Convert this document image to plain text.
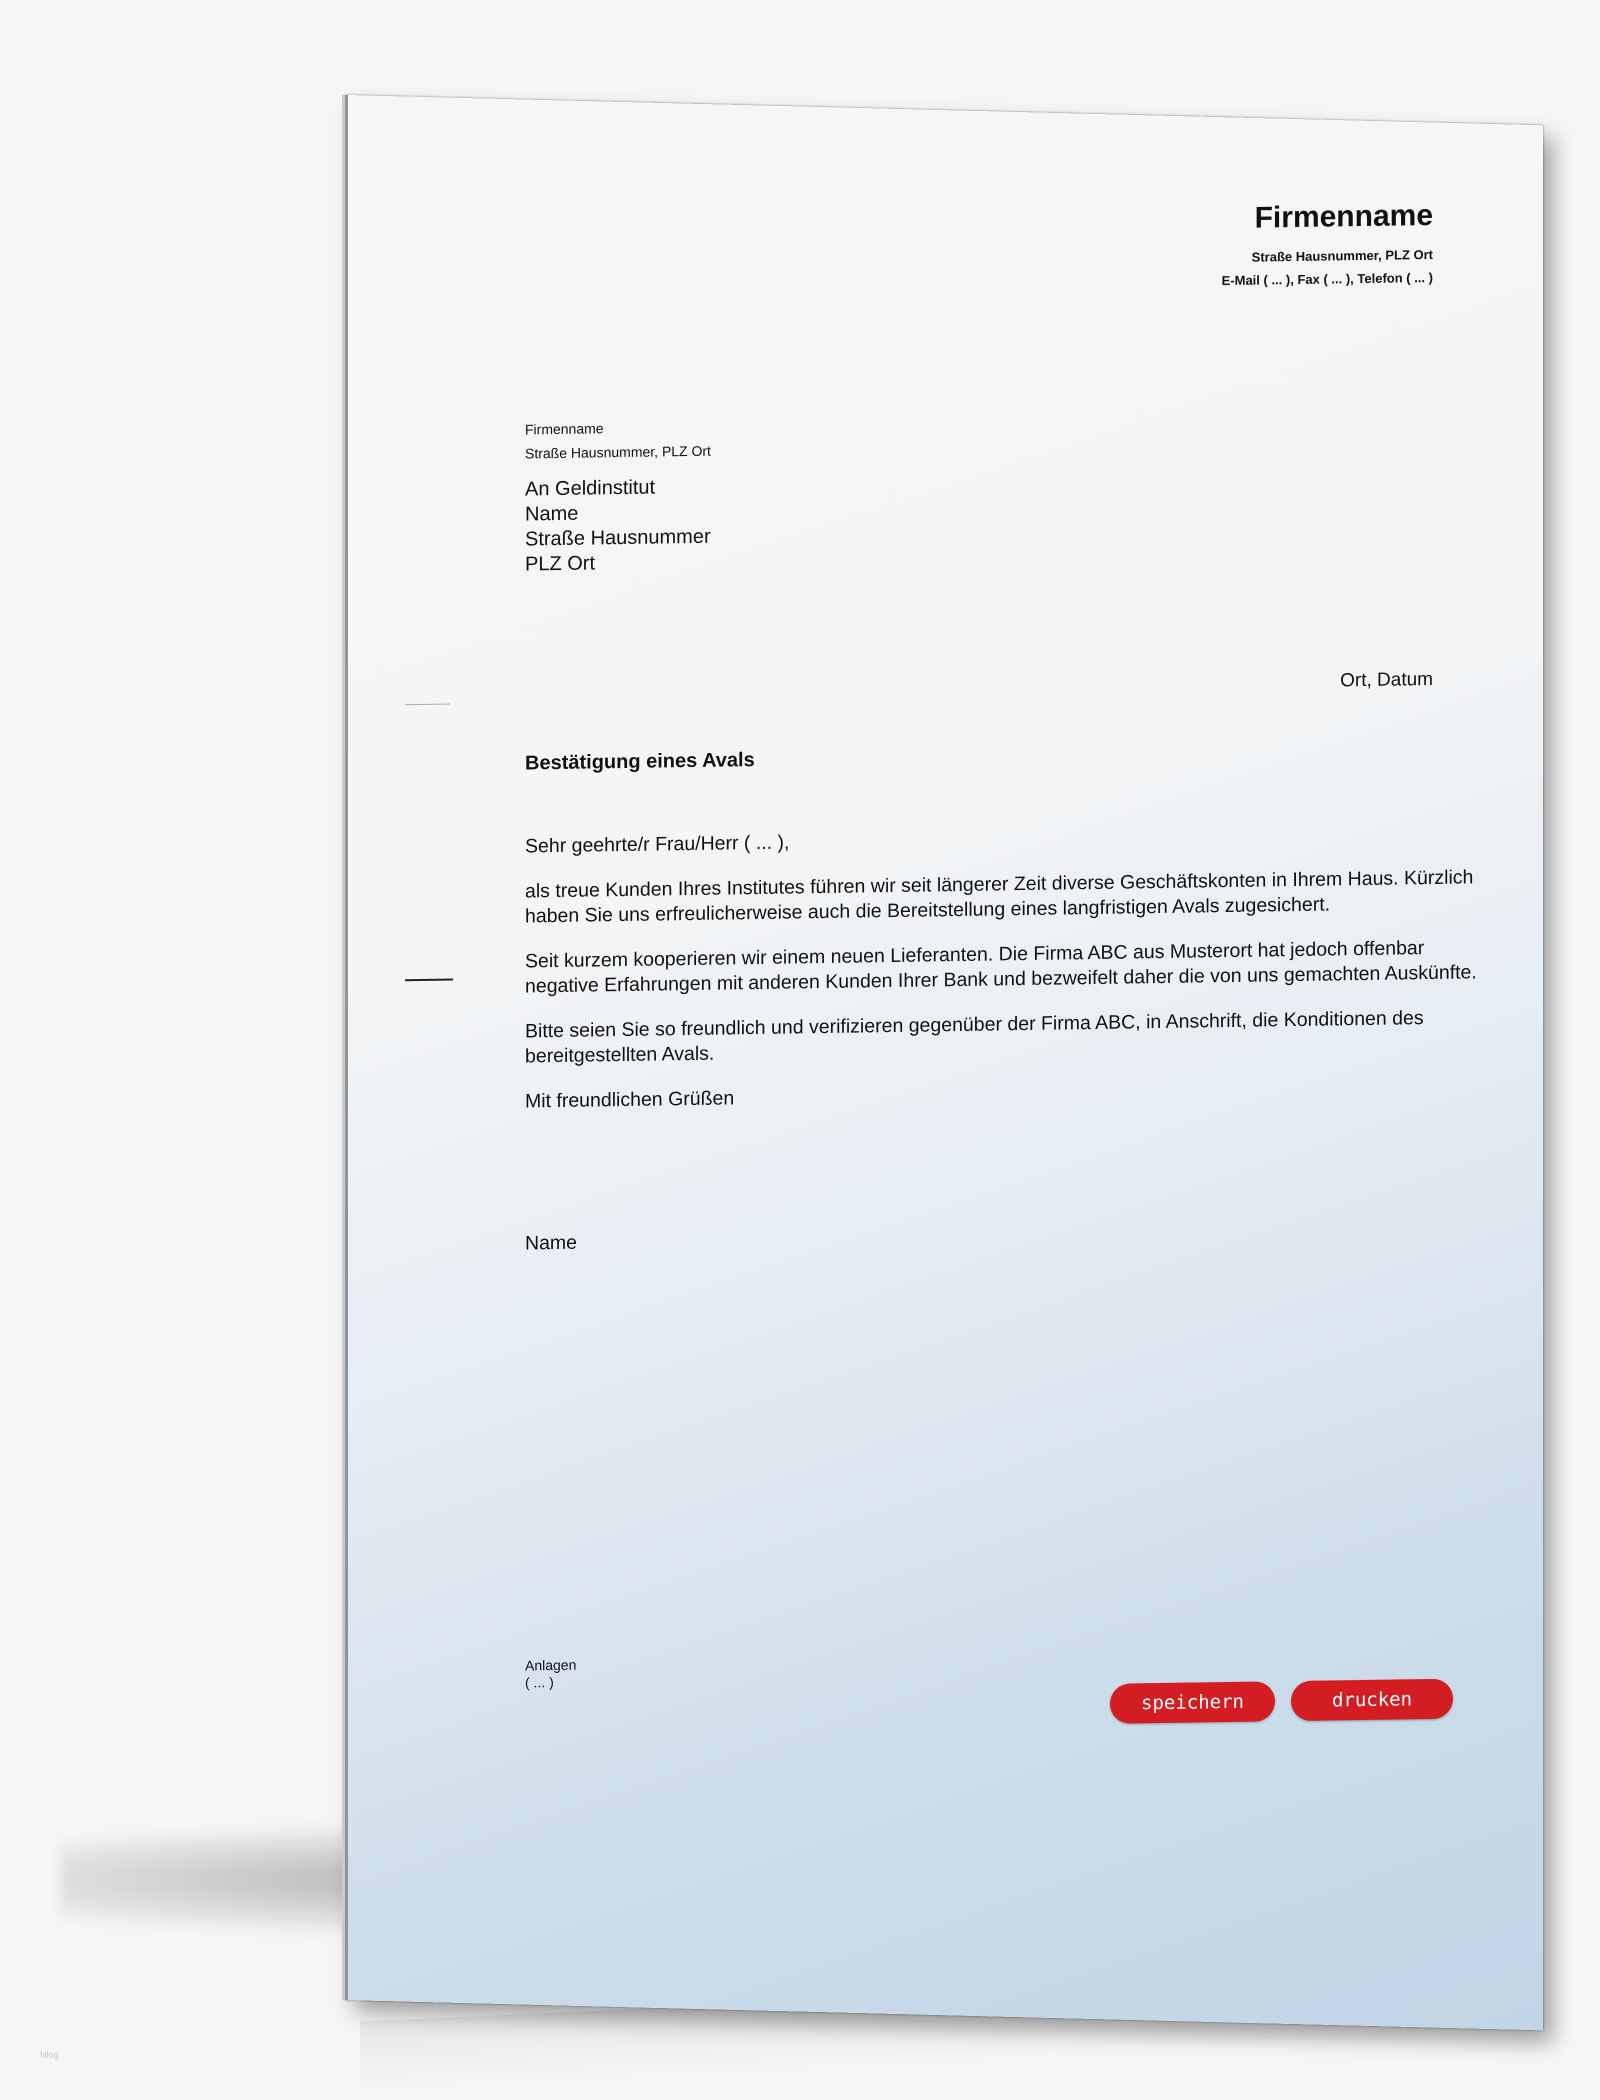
Firmenname
Straße Hausnummer, PLZ Ort
E-Mail ( ... ), Fax ( ... ), Telefon ( ... )
Firmenname
Straße Hausnummer, PLZ Ort
An Geldinstitut
Name
Straße Hausnummer
PLZ Ort
Ort, Datum
Bestätigung eines Avals

Sehr geehrte/r Frau/Herr ( ... ),

als treue Kunden Ihres Institutes führen wir seit längerer Zeit diverse Geschäftskonten in Ihrem Haus. Kürzlich haben Sie uns erfreulicherweise auch die Bereitstellung eines langfristigen Avals zugesichert.

Seit kurzem kooperieren wir einem neuen Lieferanten. Die Firma ABC aus Musterort hat jedoch offenbar negative Erfahrungen mit anderen Kunden Ihrer Bank und bezweifelt daher die von uns gemachten Auskünfte.

Bitte seien Sie so freundlich und verifizieren gegenüber der Firma ABC, in Anschrift, die Konditionen des bereitgestellten Avals.

Mit freundlichen Grüßen

Name
Anlagen
( ... )
speichern	drucken
Nlog
